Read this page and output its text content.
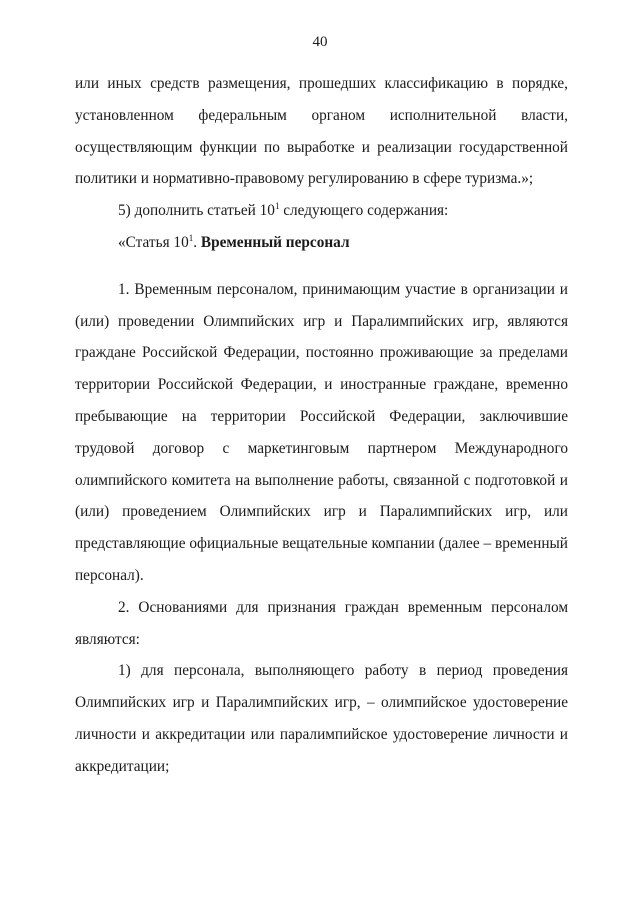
40
или иных средств размещения, прошедших классификацию в порядке,
установленном федеральным органом исполнительной власти,
осуществляющим функции по выработке и реализации государственной
политики и нормативно-правовому регулированию в сфере туризма.»;
5) дополнить статьей $10^1$ следующего содержания:
«Статья $10^1$. Временный персонал
1. Временным персоналом, принимающим участие в организации и
(или) проведении Олимпийских игр и Паралимпийских игр, являются
граждане Российской Федерации, постоянно проживающие за пределами
территории Российской Федерации, и иностранные граждане, временно
пребывающие на территории Российской Федерации, заключившие
трудовой договор с маркетинговым партнером Международного
олимпийского комитета на выполнение работы, связанной с подготовкой и
(или) проведением Олимпийских игр и Паралимпийских игр, или
представляющие официальные вещательные компании (далее – временный
персонал).
2. Основаниями для признания граждан временным персоналом
являются:
1) для персонала, выполняющего работу в период проведения
Олимпийских игр и Паралимпийских игр, – олимпийское удостоверение
личности и аккредитации или паралимпийское удостоверение личности и
аккредитации;
